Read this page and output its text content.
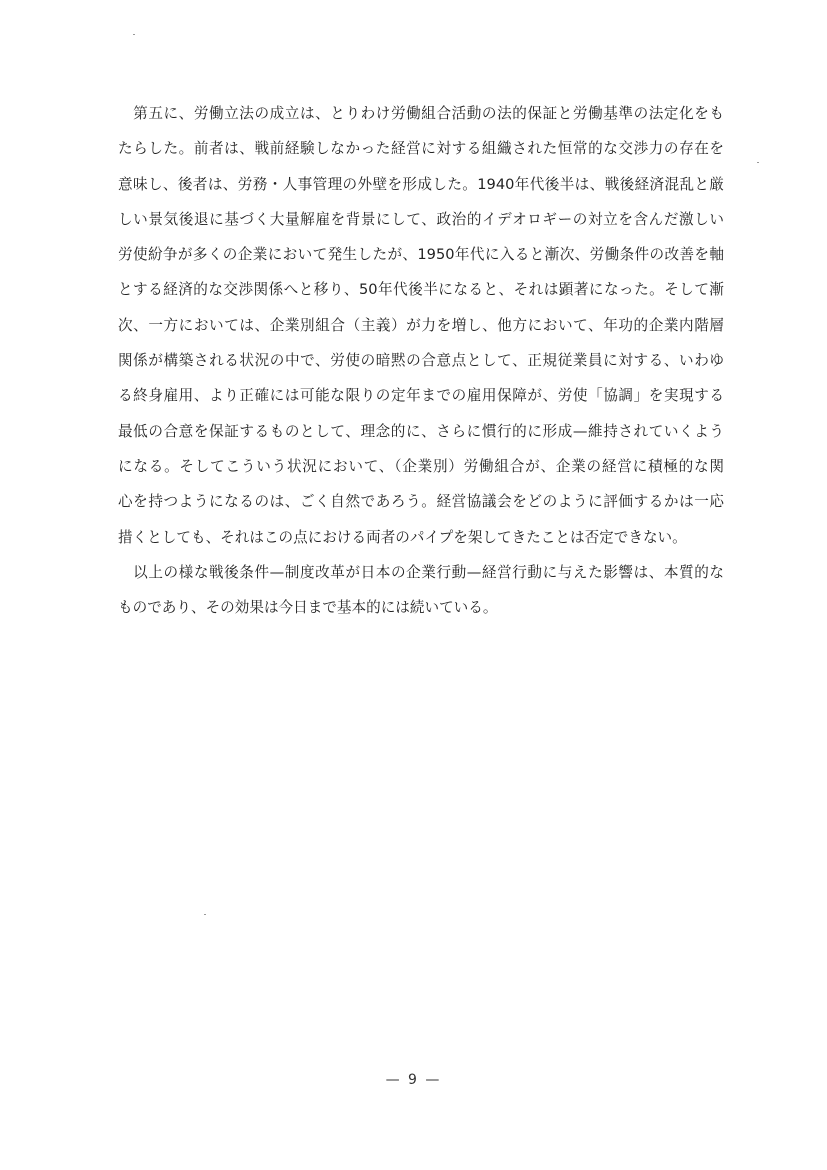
　第五に、労働立法の成立は、とりわけ労働組合活動の法的保証と労働基準の法定化をも
たらした。前者は、戦前経験しなかった経営に対する組織された恒常的な交渉力の存在を
意味し、後者は、労務・人事管理の外壁を形成した。1940年代後半は、戦後経済混乱と厳
しい景気後退に基づく大量解雇を背景にして、政治的イデオロギーの対立を含んだ激しい
労使紛争が多くの企業において発生したが、1950年代に入ると漸次、労働条件の改善を軸
とする経済的な交渉関係へと移り、50年代後半になると、それは顕著になった。そして漸
次、一方においては、企業別組合（主義）が力を増し、他方において、年功的企業内階層
関係が構築される状況の中で、労使の暗黙の合意点として、正規従業員に対する、いわゆ
る終身雇用、より正確には可能な限りの定年までの雇用保障が、労使「協調」を実現する
最低の合意を保証するものとして、理念的に、さらに慣行的に形成—維持されていくよう
になる。そしてこういう状況において、（企業別）労働組合が、企業の経営に積極的な関
心を持つようになるのは、ごく自然であろう。経営協議会をどのように評価するかは一応
措くとしても、それはこの点における両者のパイプを架してきたことは否定できない。
　以上の様な戦後条件—制度改革が日本の企業行動—経営行動に与えた影響は、本質的な
ものであり、その効果は今日まで基本的には続いている。
— 9 —
